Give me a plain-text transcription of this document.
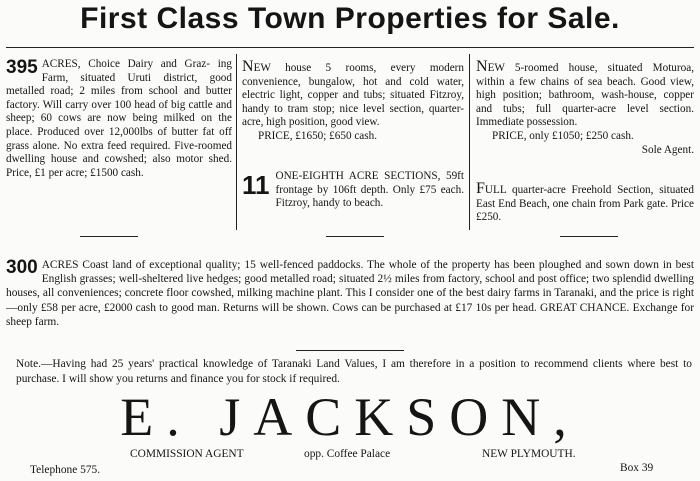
First Class Town Properties for Sale.
395 ACRES, Choice Dairy and Graz- ing Farm, situated Uruti district, good metalled road; 2 miles from school and butter factory. Will carry over 100 head of big cattle and sheep; 60 cows are now being milked on the place. Produced over 12,000lbs of butter fat off grass alone. No extra feed required. Five-roomed dwelling house and cowshed; also motor shed. Price, £1 per acre; £1500 cash.
NEW house 5 rooms, every modern convenience, bungalow, hot and cold water, electric light, copper and tubs; situated Fitzroy, handy to tram stop; nice level section, quarter-acre, high position, good view.
PRICE, £1650; £650 cash.
11 ONE-EIGHTH ACRE SECTIONS, 59ft frontage by 106ft depth. Only £75 each. Fitzroy, handy to beach.
NEW 5-roomed house, situated Moturoa, within a few chains of sea beach. Good view, high position; bathroom, wash-house, copper and tubs; full quarter-acre level section. Immediate possession.
PRICE, only £1050; £250 cash.
Sole Agent.
FULL quarter-acre Freehold Section, situated East End Beach, one chain from Park gate. Price £250.
300 ACRES Coast land of exceptional quality; 15 well-fenced paddocks. The whole of the property has been ploughed and sown down in best English grasses; well-sheltered live hedges; good metalled road; situated 2½ miles from factory, school and post office; two splendid dwelling houses, all conveniences; concrete floor cowshed, milking machine plant. This I consider one of the best dairy farms in Taranaki, and the price is right—only £58 per acre, £2000 cash to good man. Returns will be shown. Cows can be purchased at £17 10s per head. GREAT CHANCE. Exchange for sheep farm.
Note.—Having had 25 years' practical knowledge of Taranaki Land Values, I am therefore in a position to recommend clients where best to purchase. I will show you returns and finance you for stock if required.
E. JACKSON,
COMMISSION AGENT	opp. Coffee Palace	NEW PLYMOUTH.
Telephone 575.	Box 39
